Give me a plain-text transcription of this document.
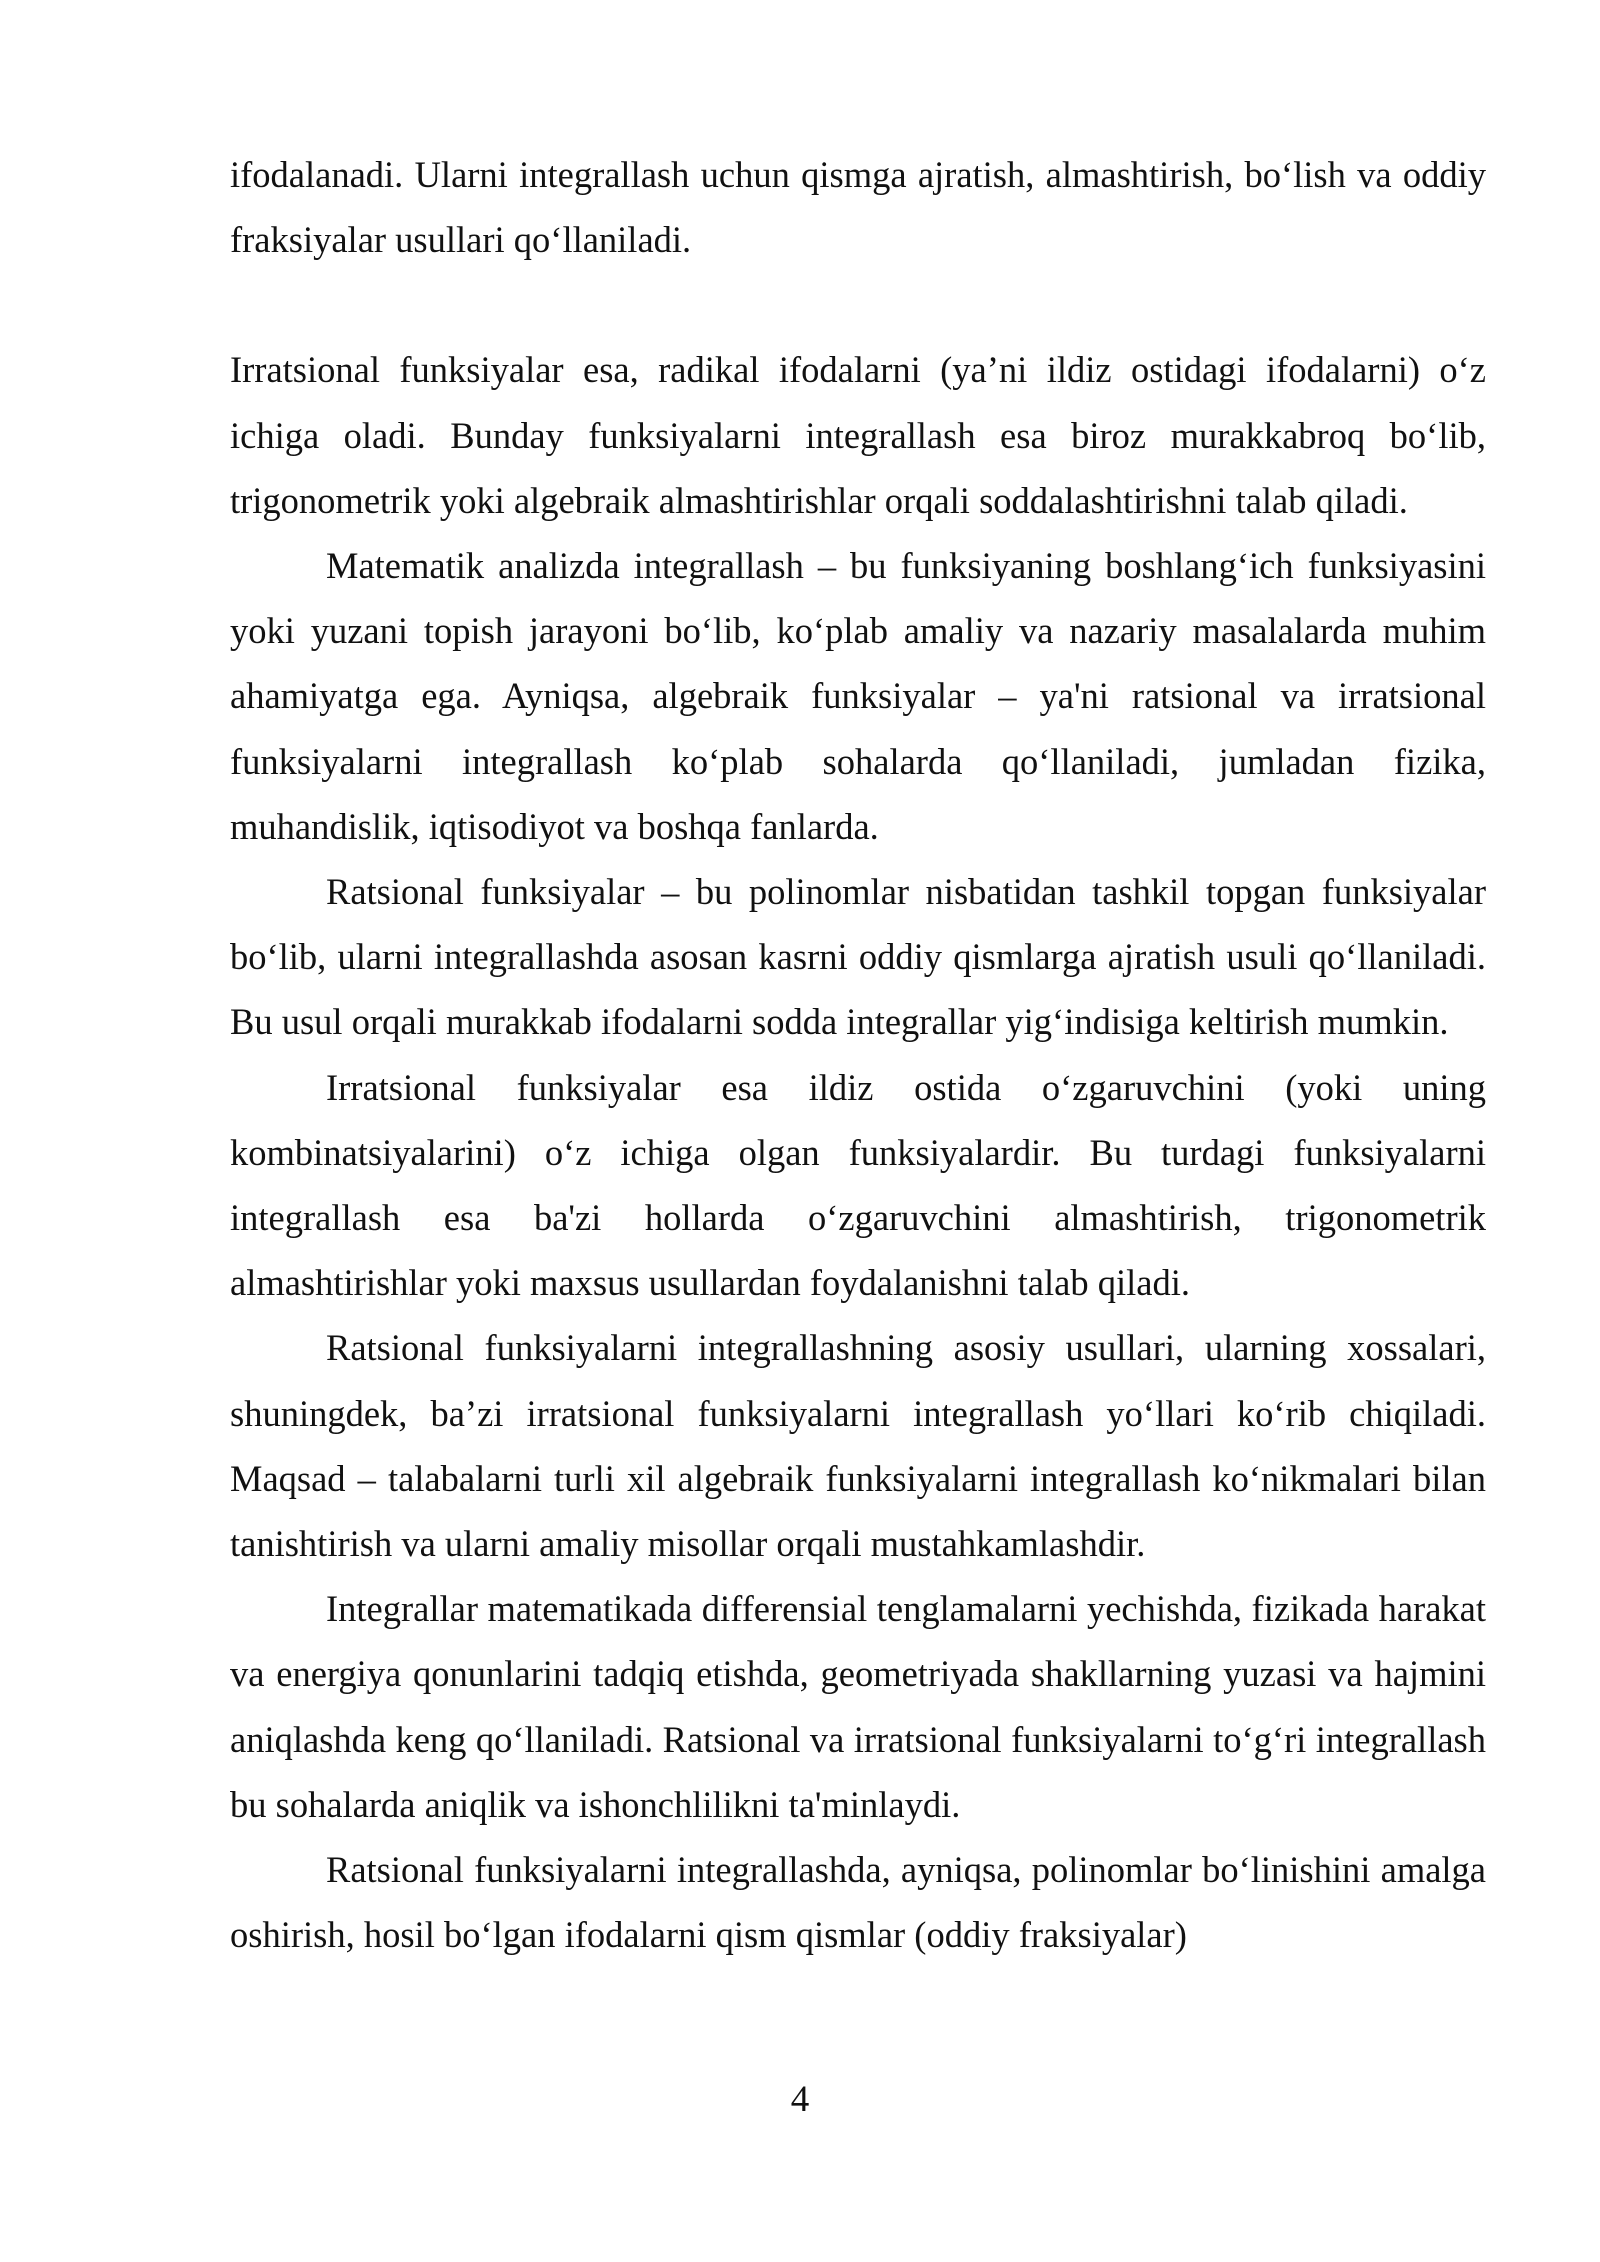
ifodalanadi. Ularni integrallash uchun qismga ajratish, almashtirish, bo‘lish va oddiy fraksiyalar usullari qo‘llaniladi.

Irratsional funksiyalar esa, radikal ifodalarni (ya’ni ildiz ostidagi ifodalarni) o‘z ichiga oladi. Bunday funksiyalarni integrallash esa biroz murakkabroq bo‘lib, trigonometrik yoki algebraik almashtirishlar orqali soddalashtirishni talab qiladi.

Matematik analizda integrallash – bu funksiyaning boshlang‘ich funksiyasini yoki yuzani topish jarayoni bo‘lib, ko‘plab amaliy va nazariy masalalarda muhim ahamiyatga ega. Ayniqsa, algebraik funksiyalar – ya'ni ratsional va irratsional funksiyalarni integrallash ko‘plab sohalarda qo‘llaniladi, jumladan fizika, muhandislik, iqtisodiyot va boshqa fanlarda.

Ratsional funksiyalar – bu polinomlar nisbatidan tashkil topgan funksiyalar bo‘lib, ularni integrallashda asosan kasrni oddiy qismlarga ajratish usuli qo‘llaniladi. Bu usul orqali murakkab ifodalarni sodda integrallar yig‘indisiga keltirish mumkin.

Irratsional funksiyalar esa ildiz ostida o‘zgaruvchini (yoki uning kombinatsiyalarini) o‘z ichiga olgan funksiyalardir. Bu turdagi funksiyalarni integrallash esa ba'zi hollarda o‘zgaruvchini almashtirish, trigonometrik almashtirishlar yoki maxsus usullardan foydalanishni talab qiladi.

Ratsional funksiyalarni integrallashning asosiy usullari, ularning xossalari, shuningdek, ba’zi irratsional funksiyalarni integrallash yo‘llari ko‘rib chiqiladi. Maqsad – talabalarni turli xil algebraik funksiyalarni integrallash ko‘nikmalari bilan tanishtirish va ularni amaliy misollar orqali mustahkamlashdir.

Integrallar matematikada differensial tenglamalarni yechishda, fizikada harakat va energiya qonunlarini tadqiq etishda, geometriyada shakllarning yuzasi va hajmini aniqlashda keng qo‘llaniladi. Ratsional va irratsional funksiyalarni to‘g‘ri integrallash bu sohalarda aniqlik va ishonchlilikni ta'minlaydi.

Ratsional funksiyalarni integrallashda, ayniqsa, polinomlar bo‘linishini amalga oshirish, hosil bo‘lgan ifodalarni qism qismlar (oddiy fraksiyalar)

4
